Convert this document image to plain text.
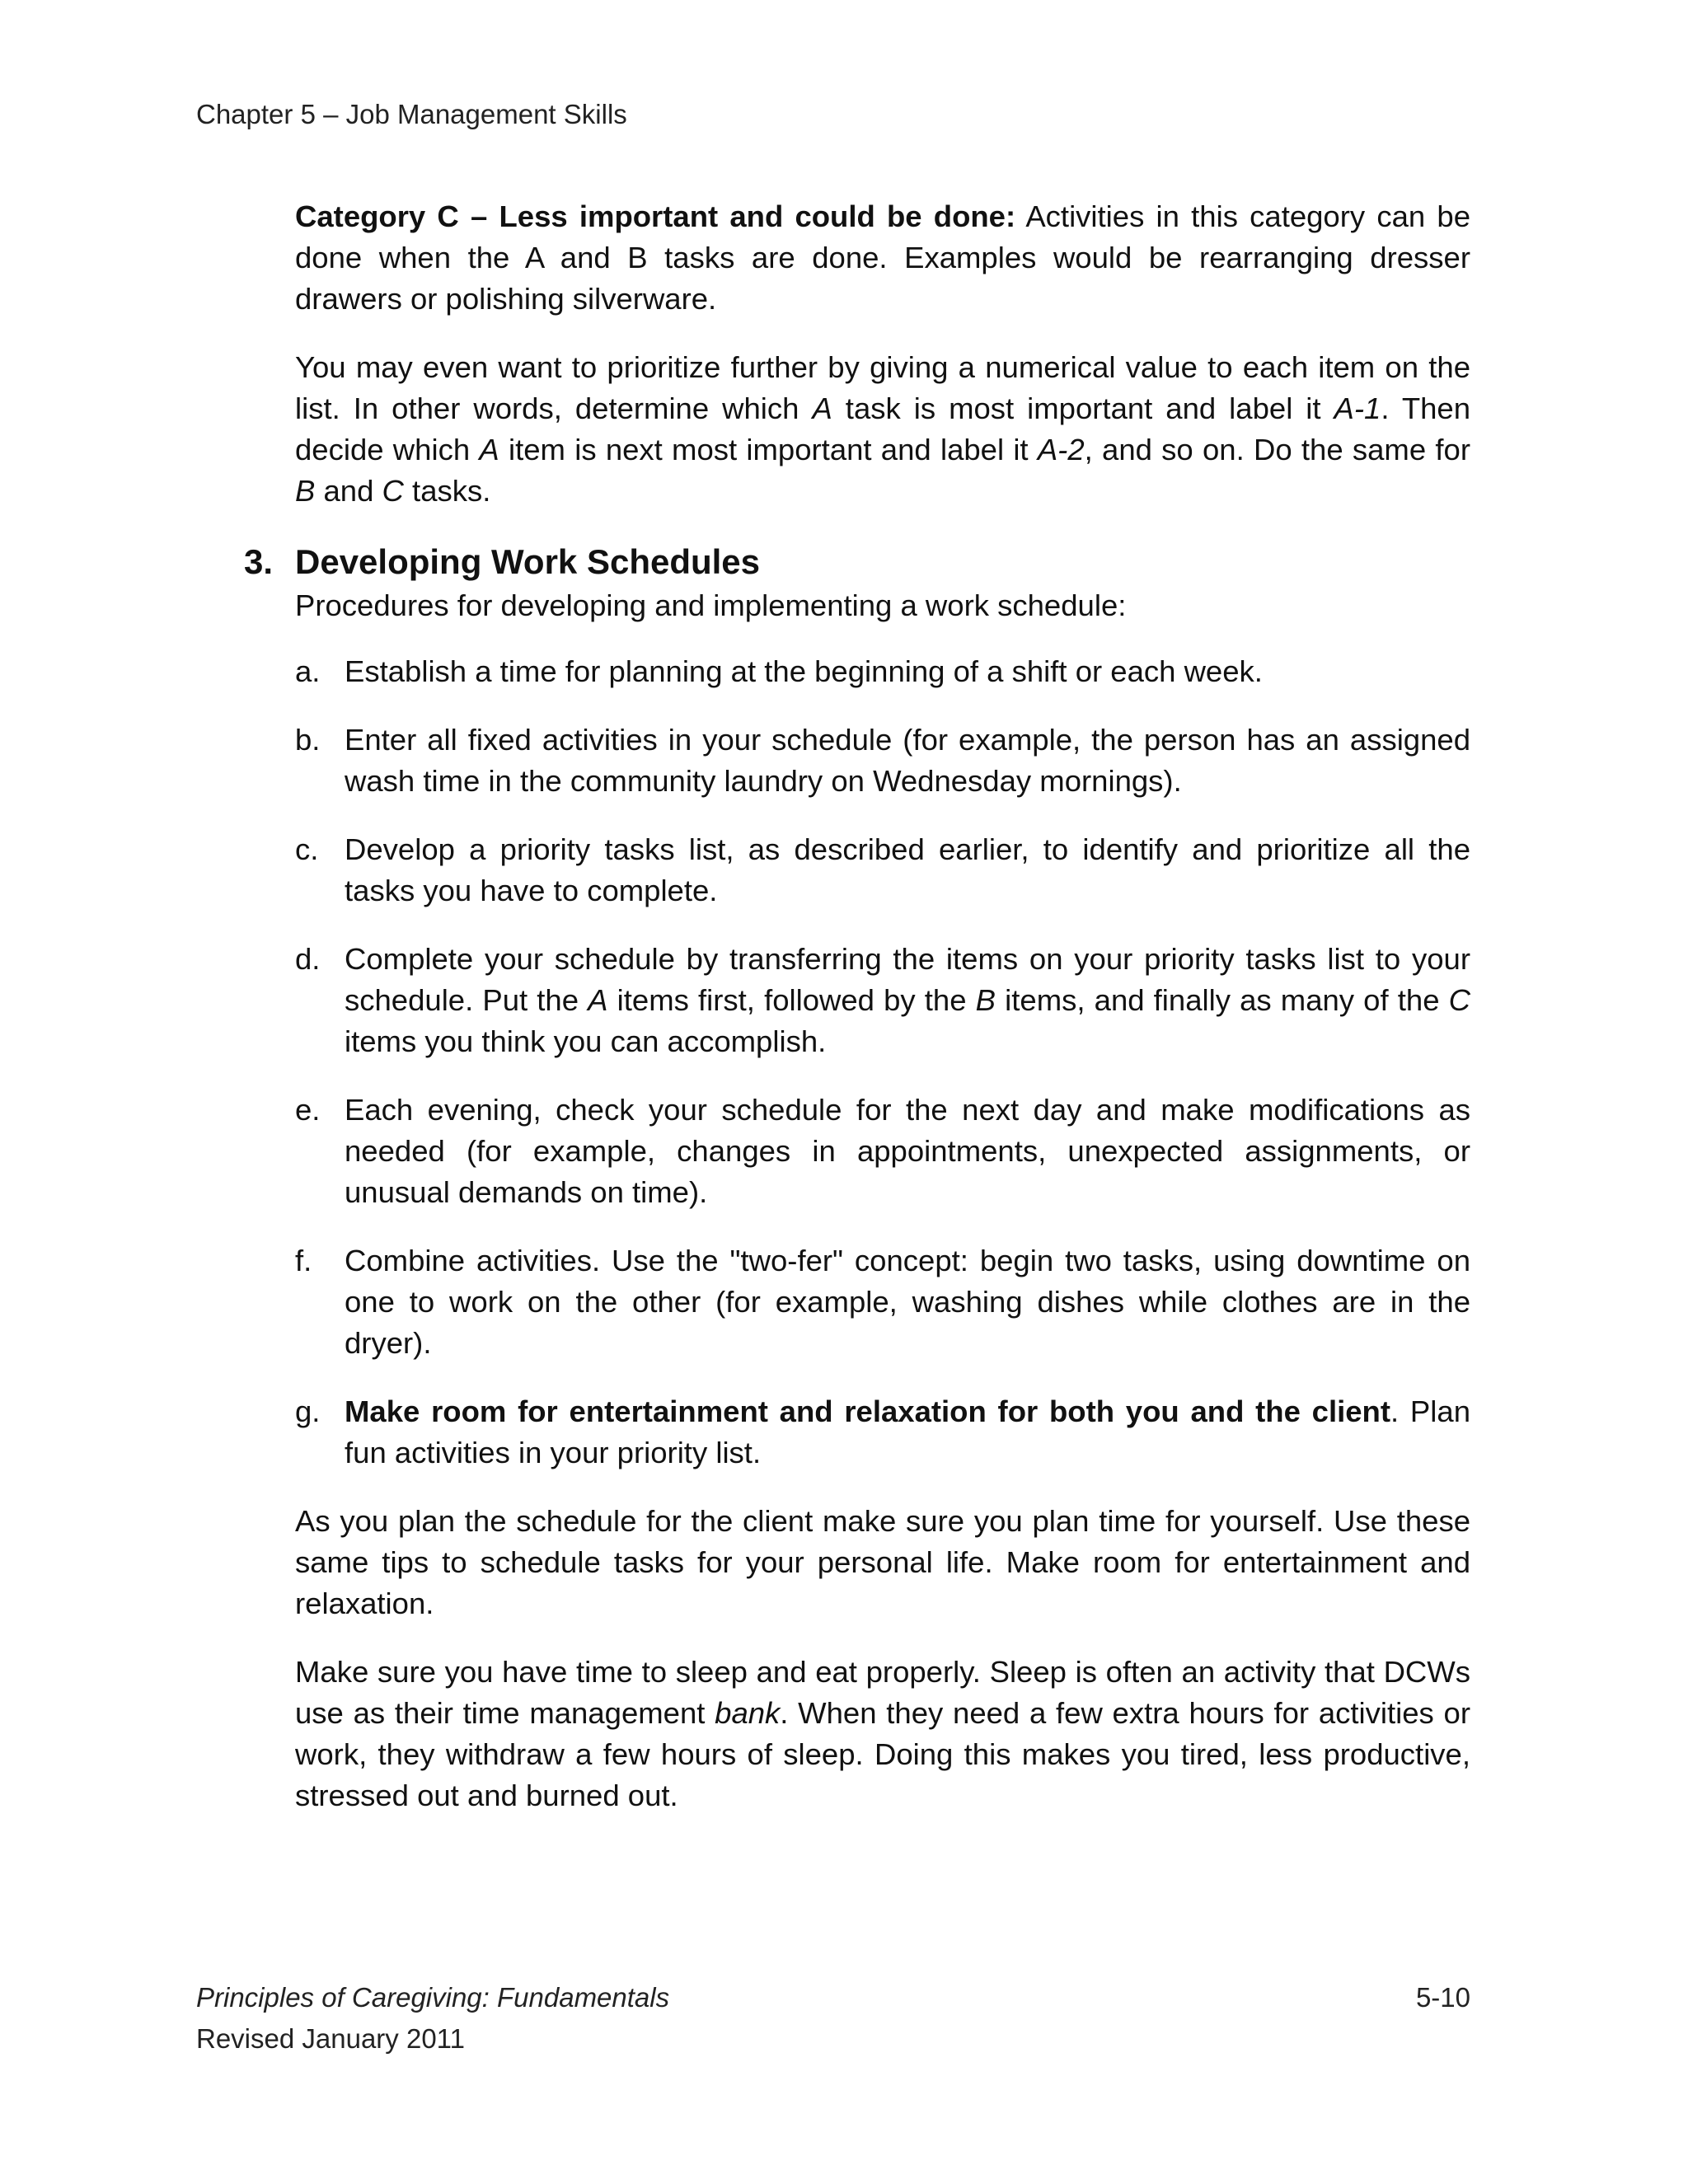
Chapter 5 – Job Management Skills

Category C – Less important and could be done: Activities in this category can be done when the A and B tasks are done. Examples would be rearranging dresser drawers or polishing silverware.

You may even want to prioritize further by giving a numerical value to each item on the list. In other words, determine which A task is most important and label it A-1. Then decide which A item is next most important and label it A-2, and so on. Do the same for B and C tasks.

3. Developing Work Schedules

Procedures for developing and implementing a work schedule:

a. Establish a time for planning at the beginning of a shift or each week.
b. Enter all fixed activities in your schedule (for example, the person has an assigned wash time in the community laundry on Wednesday mornings).
c. Develop a priority tasks list, as described earlier, to identify and prioritize all the tasks you have to complete.
d. Complete your schedule by transferring the items on your priority tasks list to your schedule. Put the A items first, followed by the B items, and finally as many of the C items you think you can accomplish.
e. Each evening, check your schedule for the next day and make modifications as needed (for example, changes in appointments, unexpected assignments, or unusual demands on time).
f. Combine activities. Use the "two-fer" concept: begin two tasks, using downtime on one to work on the other (for example, washing dishes while clothes are in the dryer).
g. Make room for entertainment and relaxation for both you and the client. Plan fun activities in your priority list.

As you plan the schedule for the client make sure you plan time for yourself. Use these same tips to schedule tasks for your personal life. Make room for entertainment and relaxation.

Make sure you have time to sleep and eat properly. Sleep is often an activity that DCWs use as their time management bank. When they need a few extra hours for activities or work, they withdraw a few hours of sleep. Doing this makes you tired, less productive, stressed out and burned out.

Principles of Caregiving: Fundamentals
Revised January 2011
5-10
